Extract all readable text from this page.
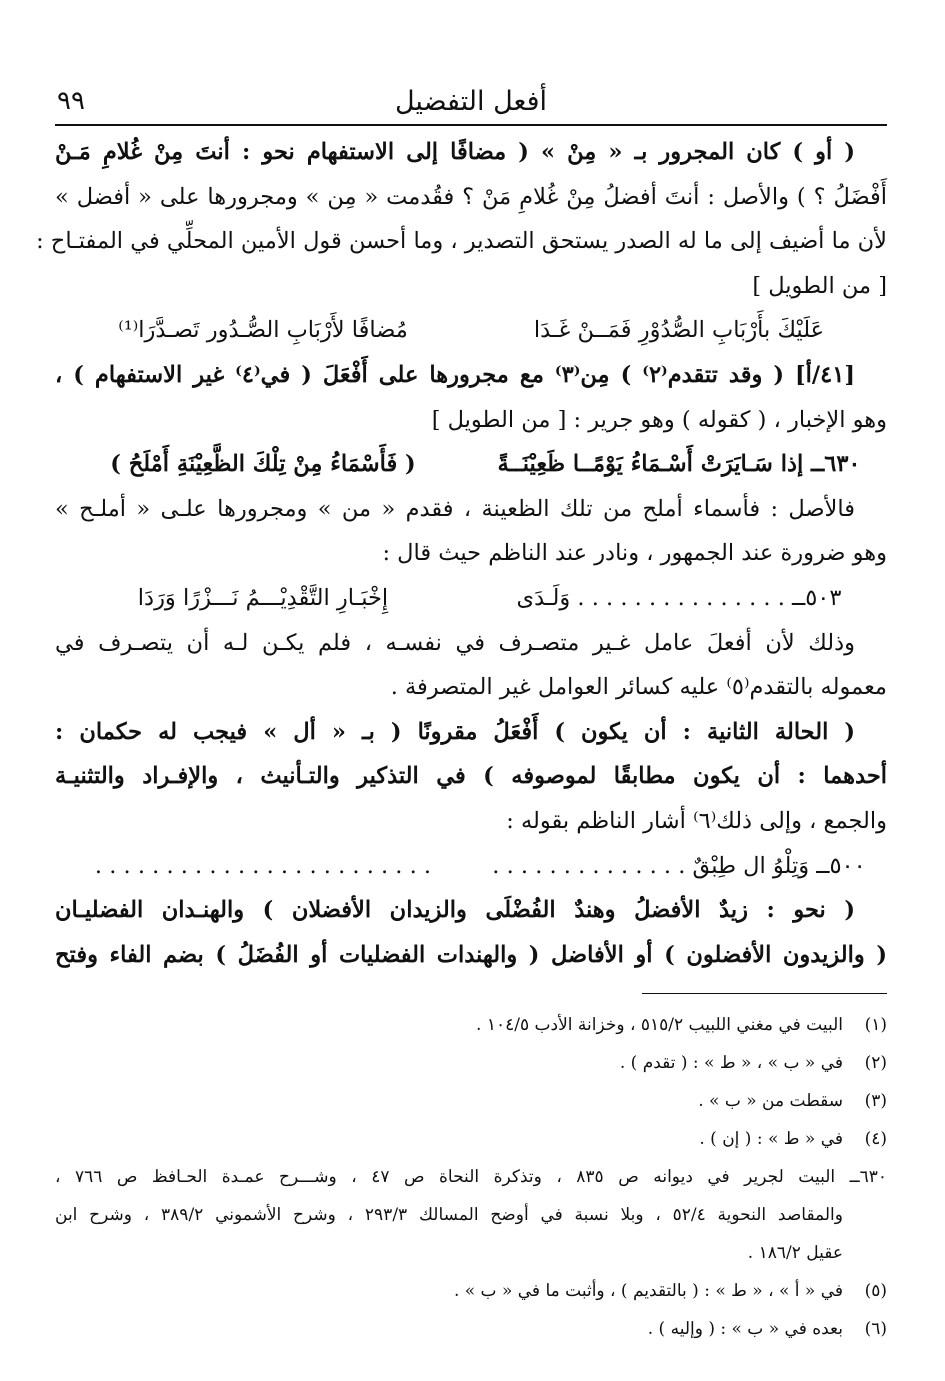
أفعل التفضيل
٩٩
( أو ) كان المجرور بـ « مِنْ » ( مضافًا إلى الاستفهام نحو : أنتَ مِنْ غُلامِ مَـنْ
أَفْضَلُ ؟ ) والأصل : أنتَ أفضلُ مِنْ غُلامِ مَنْ ؟ فقُدمت « مِن » ومجرورها على « أفضل »
لأن ما أضيف إلى ما له الصدر يستحق التصدير ، وما أحسن قول الأمين المحلِّي في المفتـاح :
[ من الطويل ]
عَلَيْكَ بأَرْبَابِ الصُّدُوْرِ فَمَــنْ غَـدَا
مُضافًا لأَرْبَابِ الصُّـدُور تَصـدَّرَا⁽¹⁾
[٤١/أ] ( وقد تتقدم⁽٢⁾ ) مِن⁽٣⁾ مع مجرورها على أَفْعَلَ ( في⁽٤⁾ غير الاستفهام ) ،
وهو الإخبار ، ( كقوله ) وهو جرير : [ من الطويل ]
٦٣٠ــ إذا سَـايَرَتْ أَسْـمَاءُ يَوْمًــا ظَعِيْنَــةً
( فَأَسْمَاءُ مِنْ تِلْكَ الظَّعِيْنَةِ أَمْلَحُ )
فالأصل : فأسماء أملح من تلك الظعينة ، فقدم « من » ومجرورها علـى « أملـح »
وهو ضرورة عند الجمهور ، ونادر عند الناظم حيث قال :
٥٠٣ــ . . . . . . . . . . . . . . . وَلَـدَى
إِخْبَـارِ التَّقْدِيْـــمُ نَـــزْرًا وَرَدَا
وذلك لأن أفعلَ عامل غـير متصـرف في نفسـه ، فلم يكـن لـه أن يتصـرف في
معموله بالتقدم⁽٥⁾ عليه كسائر العوامل غير المتصرفة .
( الحالة الثانية : أن يكون ) أَفْعَلُ مقرونًا ( بـ « أل » فيجب له حكمان :
أحدهما : أن يكون مطابقًا لموصوفه ) في التذكير والتـأنيث ، والإفـراد والتثنيـة
والجمع ، وإلى ذلك⁽٦⁾ أشار الناظم بقوله :
٥٠٠ــ وَتِلْوُ ال طِبْقٌ . . . . . . . . . . . . . .
. . . . . . . . . . . . . . . . . . . . . . . .
( نحو : زيدٌ الأفضلُ وهندٌ الفُضْلَى والزيدان الأفضلان ) والهنـدان الفضليـان
( والزيدون الأفضلون ) أو الأفاضل ( والهندات الفضليات أو الفُضَلُ ) بضم الفاء وفتح
(١)البيت في مغني اللبيب ٥١٥/٢ ، وخزانة الأدب ١٠٤/٥ .
(٢)في « ب » ، « ط » : ( تقدم ) .
(٣)سقطت من « ب » .
(٤)في « ط » : ( إن ) .
٦٣٠ــ البيت لجرير في ديوانه ص ٨٣٥ ، وتذكرة النحاة ص ٤٧ ، وشـــرح عمـدة الحـافظ ص ٧٦٦ ،
والمقاصد النحوية ٥٢/٤ ، وبلا نسبة في أوضح المسالك ٢٩٣/٣ ، وشرح الأشموني ٣٨٩/٢ ، وشرح ابن
عقيل ١٨٦/٢ .
(٥)في « أ » ، « ط » : ( بالتقديم ) ، وأثبت ما في « ب » .
(٦)بعده في « ب » : ( وإليه ) .
